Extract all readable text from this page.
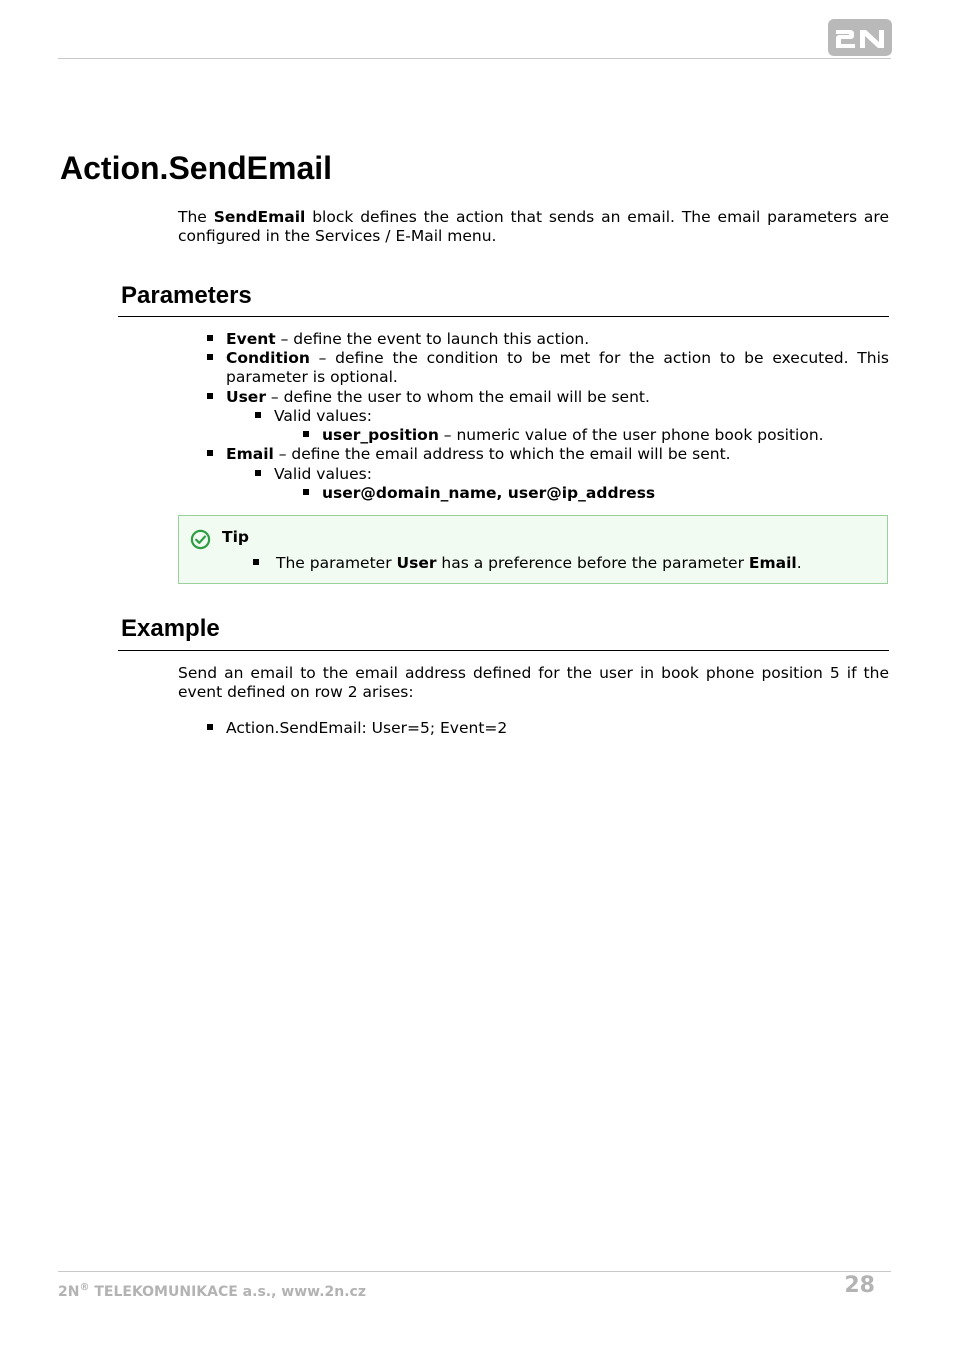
Action.SendEmail

The SendEmail block defines the action that sends an email. The email parameters are configured in the Services / E-Mail menu.

Parameters
Event – define the event to launch this action.
Condition – define the condition to be met for the action to be executed. This
parameter is optional.
User – define the user to whom the email will be sent.
Valid values:
user_position – numeric value of the user phone book position.
Email – define the email address to which the email will be sent.
Valid values:
user@domain_name, user@ip_address
Tip
The parameter User has a preference before the parameter Email.
Example

Send an email to the email address defined for the user in book phone position 5 if the event defined on row 2 arises:

Action.SendEmail: User=5; Event=2
2N® TELEKOMUNIKACE a.s., www.2n.cz	28
